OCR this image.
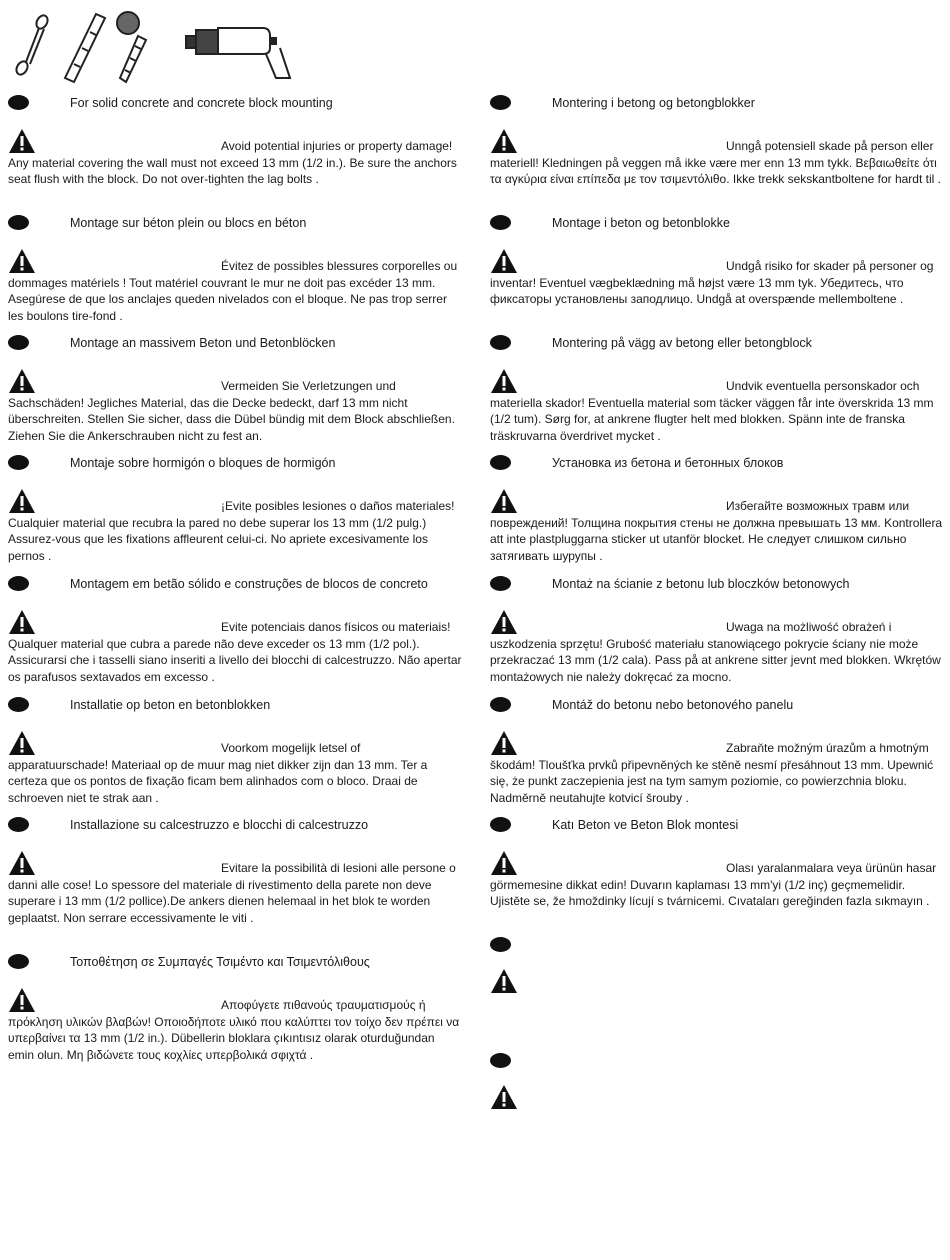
For solid concrete and concrete block mounting

Avoid potential injuries or property damage! Any material covering the wall must not exceed 13 mm (1/2 in.). Be sure the anchors seat flush with the block. Do not over-tighten the lag bolts .

Montage sur béton plein ou blocs en béton

Évitez de possibles blessures corporelles ou dommages matériels ! Tout matériel couvrant le mur ne doit pas excéder 13 mm. Asegúrese de que los anclajes queden nivelados con el bloque. Ne pas trop serrer les boulons tire-fond .

Montage an massivem Beton und Betonblöcken

Vermeiden Sie Verletzungen und Sachschäden! Jegliches Material, das die Decke bedeckt, darf 13 mm nicht überschreiten. Stellen Sie sicher, dass die Dübel bündig mit dem Block abschließen. Ziehen Sie die Ankerschrauben nicht zu fest an.

Montaje sobre hormigón o bloques de hormigón

¡Evite posibles lesiones o daños materiales! Cualquier material que recubra la pared no debe superar los 13 mm (1/2 pulg.) Assurez-vous que les fixations affleurent celui-ci. No apriete excesivamente los pernos .

Montagem em betão sólido e construções de blocos de concreto

Evite potenciais danos físicos ou materiais! Qualquer material que cubra a parede não deve exceder os 13 mm (1/2 pol.). Assicurarsi che i tasselli siano inseriti a livello dei blocchi di calcestruzzo. Não apertar os parafusos sextavados em excesso .

Installatie op beton en betonblokken

Voorkom mogelijk letsel of apparatuurschade! Materiaal op de muur mag niet dikker zijn dan 13 mm. Ter a certeza que os pontos de fixação ficam bem alinhados com o bloco. Draai de schroeven niet te strak aan .

Installazione su calcestruzzo e blocchi di calcestruzzo

Evitare la possibilità di lesioni alle persone o danni alle cose! Lo spessore del materiale di rivestimento della parete non deve superare i 13 mm (1/2 pollice).De ankers dienen helemaal in het blok te worden geplaatst. Non serrare eccessivamente le viti .

Τοποθέτηση σε Συμπαγές Τσιμέντο και Τσιμεντόλιθους

Αποφύγετε πιθανούς τραυματισμούς ή πρόκληση υλικών βλαβών! Οποιοδήποτε υλικό που καλύπτει τον τοίχο δεν πρέπει να υπερβαίνει τα 13 mm (1/2 in.). Dübellerin bloklara çıkıntısız olarak oturduğundan emin olun. Μη βιδώνετε τους κοχλίες υπερβολικά σφιχτά .

Montering i betong og betongblokker

Unngå potensiell skade på person eller materiell! Kledningen på veggen må ikke være mer enn 13 mm tykk. Βεβαιωθείτε ότι τα αγκύρια είναι επίπεδα με τον τσιμεντόλιθο. Ikke trekk sekskantboltene for hardt til .

Montage i beton og betonblokke

Undgå risiko for skader på personer og inventar! Eventuel vægbeklædning må højst være 13 mm tyk. Убедитесь, что фиксаторы установлены заподлицо. Undgå at overspænde mellemboltene .

Montering på vägg av betong eller betongblock

Undvik eventuella personskador och materiella skador! Eventuella material som täcker väggen får inte överskrida 13 mm (1/2 tum). Sørg for, at ankrene flugter helt med blokken. Spänn inte de franska träskruvarna överdrivet mycket .

Установка из бетона и бетонных блоков

Избегайте возможных травм или повреждений! Толщина покрытия стены не должна превышать 13 мм. Kontrollera att inte plastpluggarna sticker ut utanför blocket. Не следует слишком сильно затягивать шурупы .

Montaż na ścianie z betonu lub bloczków betonowych

Uwaga na możliwość obrażeń i uszkodzenia sprzętu! Grubość materiału stanowiącego pokrycie ściany nie może przekraczać 13 mm (1/2 cala). Pass på at ankrene sitter jevnt med blokken. Wkrętów montażowych nie należy dokręcać za mocno.

Montáž do betonu nebo betonového panelu

Zabraňte možným úrazům a hmotným škodám! Tloušťka prvků připevněných ke stěně nesmí přesáhnout 13 mm. Upewnić się, że punkt zaczepienia jest na tym samym poziomie, co powierzchnia bloku. Nadměrně neutahujte kotvicí šrouby .

Katı Beton ve Beton Blok montesi

Olası yaralanmalara veya ürünün hasar görmemesine dikkat edin! Duvarın kaplaması 13 mm'yi (1/2 inç) geçmemelidir. Ujistěte se, že hmoždinky lícují s tvárnicemi. Cıvataları gereğinden fazla sıkmayın .
